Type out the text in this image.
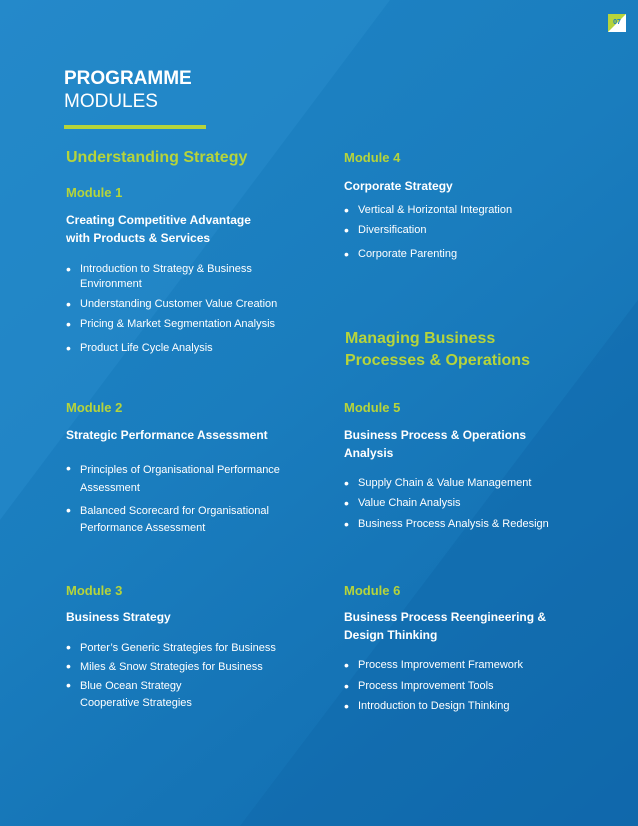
07
PROGRAMME
MODULES
Understanding Strategy
Module 1
Creating Competitive Advantage
with Products & Services
• Introduction to Strategy & Business Environment
• Understanding Customer Value Creation
• Pricing & Market Segmentation Analysis
• Product Life Cycle Analysis
Module 2
Strategic Performance Assessment
• Principles of Organisational Performance Assessment
• Balanced Scorecard for Organisational Performance Assessment
Module 3
Business Strategy
• Porter’s Generic Strategies for Business
• Miles & Snow Strategies for Business
• Blue Ocean Strategy
Cooperative Strategies
Module 4
Corporate Strategy
• Vertical & Horizontal Integration
• Diversification
• Corporate Parenting
Managing Business
Processes & Operations
Module 5
Business Process & Operations
Analysis
• Supply Chain & Value Management
• Value Chain Analysis
• Business Process Analysis & Redesign
Module 6
Business Process Reengineering &
Design Thinking
• Process Improvement Framework
• Process Improvement Tools
• Introduction to Design Thinking
